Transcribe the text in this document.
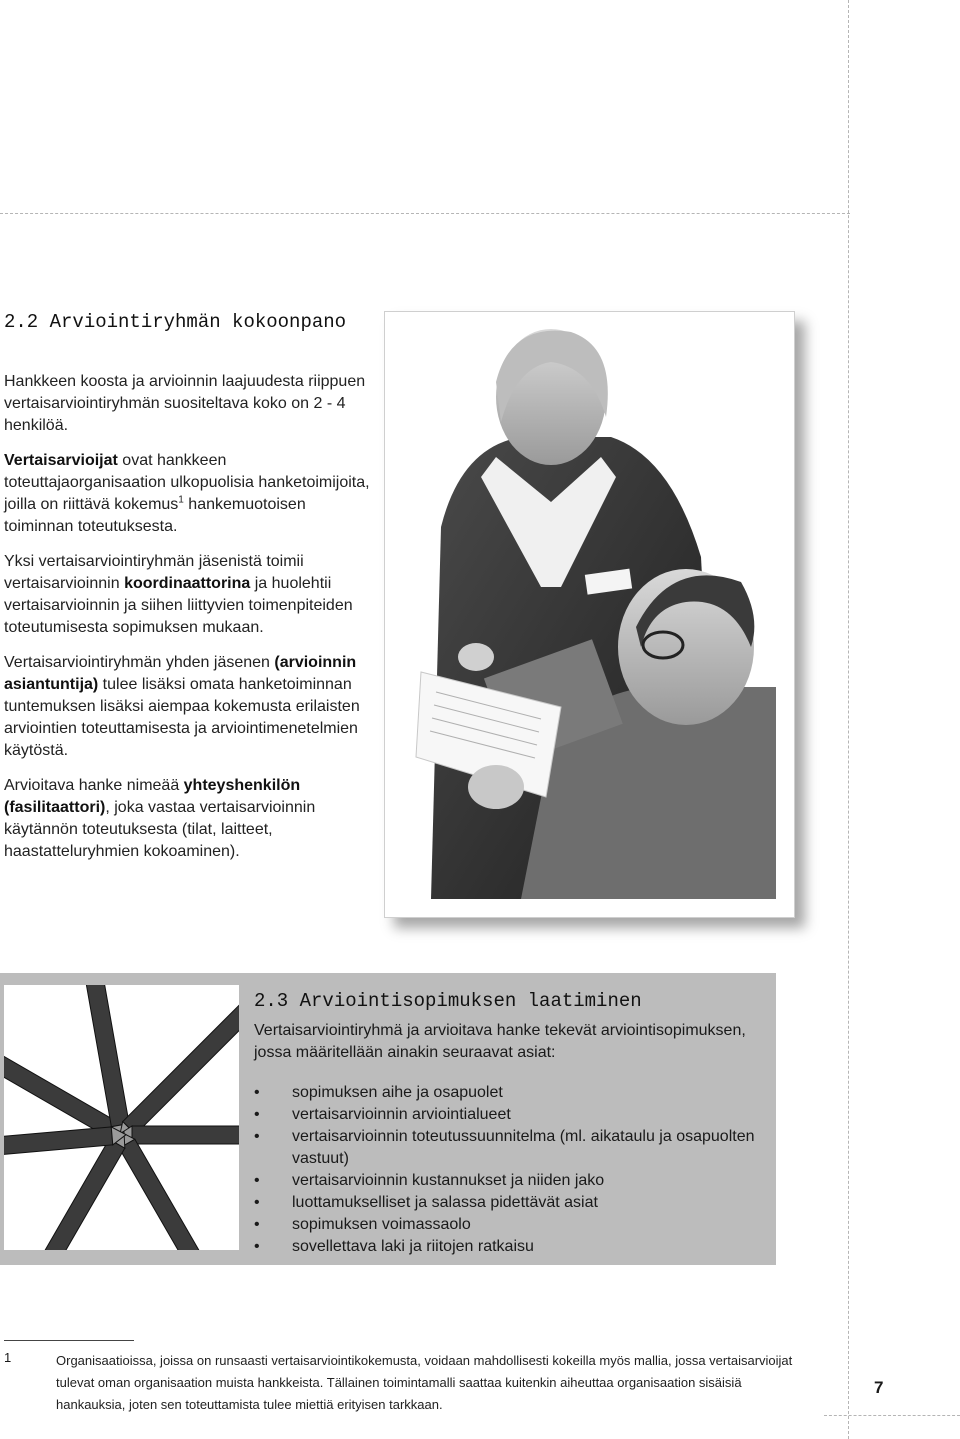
2.2 Arviointiryhmän kokoonpano

Hankkeen koosta ja arvioinnin laajuudesta riippuen vertaisarviointiryhmän suositeltava koko on 2 - 4 henkilöä.

Vertaisarvioijat ovat hankkeen toteuttajaorganisaation ulkopuolisia hanketoimijoita, joilla on riittävä kokemus$^1$ hankemuotoisen toiminnan toteutuksesta.

Yksi vertaisarviointiryhmän jäsenistä toimii vertaisarvioinnin koordinaattorina ja huolehtii vertaisarvioinnin ja siihen liittyvien toimenpiteiden toteutumisesta sopimuksen mukaan.

Vertaisarviointiryhmän yhden jäsenen (arvioinnin asiantuntija) tulee lisäksi omata hanketoiminnan tuntemuksen lisäksi aiempaa kokemusta erilaisten arviointien toteuttamisesta ja arviointimenetelmien käytöstä.

Arvioitava hanke nimeää yhteyshenkilön (fasilitaattori), joka vastaa vertaisarvioinnin käytännön toteutuksesta (tilat, laitteet, haastatteluryhmien kokoaminen).

2.3 Arviointisopimuksen laatiminen

Vertaisarviointiryhmä ja arvioitava hanke tekevät arviointisopimuksen, jossa määritellään ainakin seuraavat asiat:

• sopimuksen aihe ja osapuolet
• vertaisarvioinnin arviointialueet
• vertaisarvioinnin toteutussuunnitelma (ml. aikataulu ja osapuolten vastuut)
• vertaisarvioinnin kustannukset ja niiden jako
• luottamukselliset ja salassa pidettävät asiat
• sopimuksen voimassaolo
• sovellettava laki ja riitojen ratkaisu
1	Organisaatioissa, joissa on runsaasti vertaisarviointikokemusta, voidaan mahdollisesti kokeilla myös mallia, jossa vertaisarvioijat tulevat oman organisaation muista hankkeista. Tällainen toimintamalli saattaa kuitenkin aiheuttaa organisaation sisäisiä hankauksia, joten sen toteuttamista tulee miettiä erityisen tarkkaan.
7
